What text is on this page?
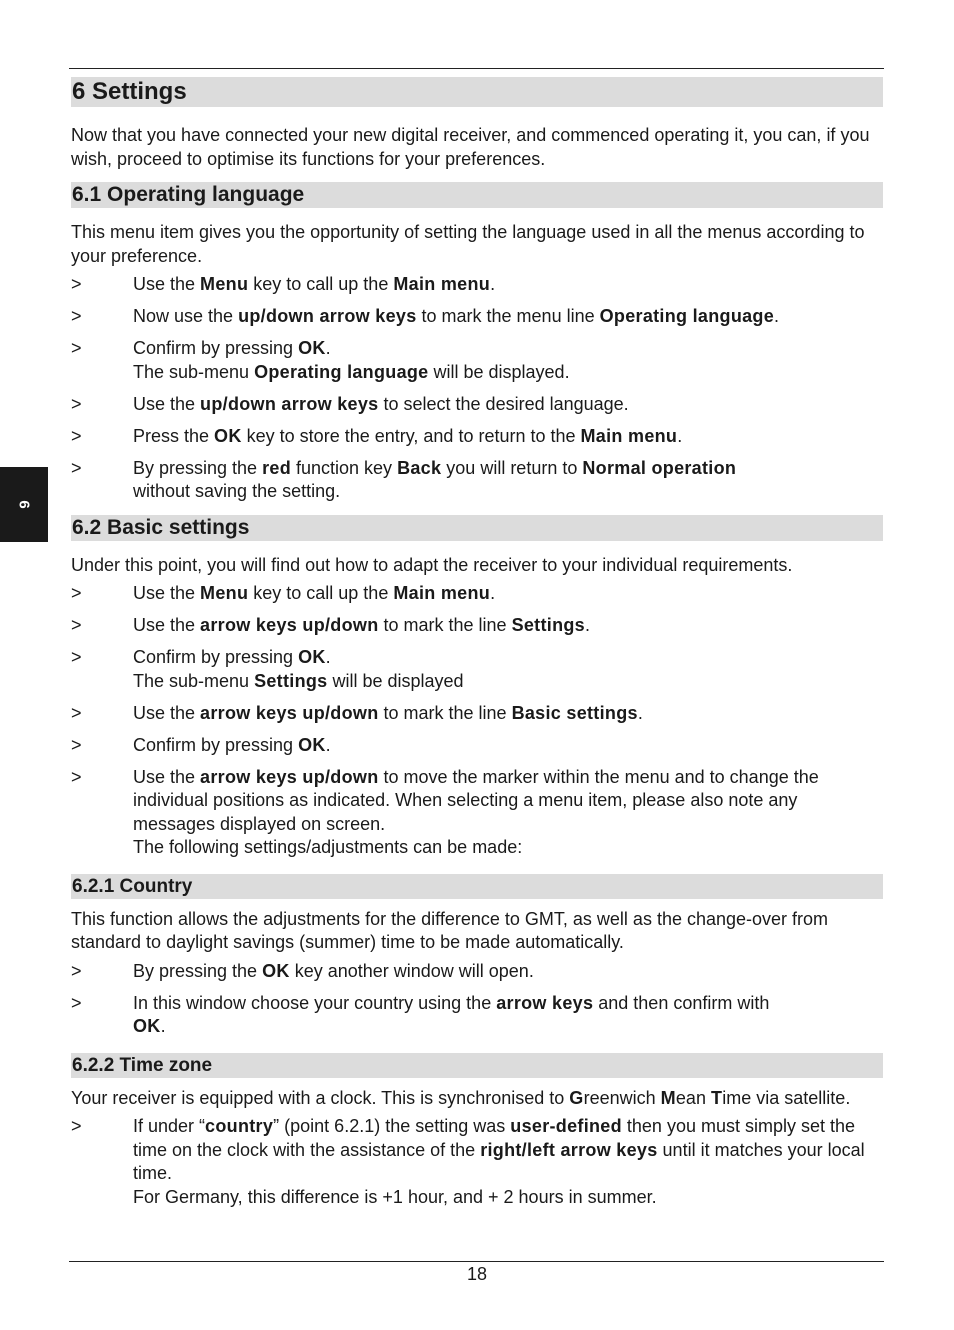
6
6 Settings

Now that you have connected your new digital receiver, and commenced operating it, you can, if you wish, proceed to optimise its functions for your preferences.

6.1 Operating language

This menu item gives you the opportunity of setting the language used in all the menus according to your preference.

>	Use the Menu key to call up the Main menu.
>	Now use the up/down arrow keys to mark the menu line Operating language.
>	Confirm by pressing OK.
The sub-menu Operating language will be displayed.
>	Use the up/down arrow keys to select the desired language.
>	Press the OK key to store the entry, and to return to the Main menu.
>	By pressing the red function key Back you will return to Normal operation
without saving the setting.
6.2 Basic settings

Under this point, you will find out how to adapt the receiver to your individual requirements.

>	Use the Menu key to call up the Main menu.
>	Use the arrow keys up/down to mark the line Settings.
>	Confirm by pressing OK.
The sub-menu Settings will be displayed
>	Use the arrow keys up/down to mark the line Basic settings.
>	Confirm by pressing OK.
>	Use the arrow keys up/down to move the marker within the menu and to change the individual positions as indicated. When selecting a menu item, please also note any messages displayed on screen.
The following settings/adjustments can be made:
6.2.1 Country

This function allows the adjustments for the difference to GMT, as well as the change-over from standard to daylight savings (summer) time to be made automatically.

>	By pressing the OK key another window will open.
>	In this window choose your country using the arrow keys and then confirm with
OK.
6.2.2 Time zone

Your receiver is equipped with a clock. This is synchronised to Greenwich Mean Time via satellite.

>	If under “country” (point 6.2.1) the setting was user-defined then you must simply set the time on the clock with the assistance of the right/left arrow keys until it matches your local time.
For Germany, this difference is +1 hour, and + 2 hours in summer.
18
